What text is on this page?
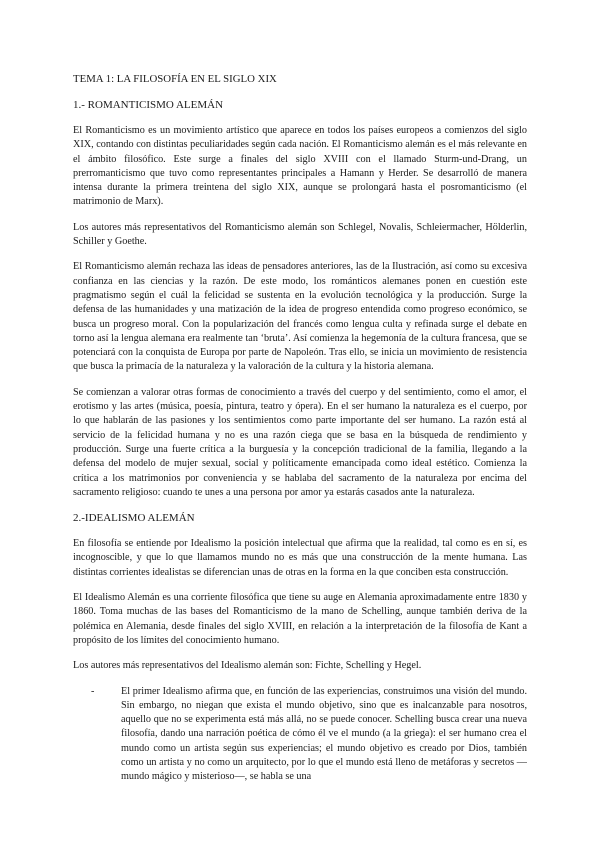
TEMA 1: LA FILOSOFÍA EN EL SIGLO XIX
1.- ROMANTICISMO ALEMÁN

El Romanticismo es un movimiento artístico que aparece en todos los países europeos a comienzos del siglo XIX, contando con distintas peculiaridades según cada nación. El Romanticismo alemán es el más relevante en el ámbito filosófico. Este surge a finales del siglo XVIII con el llamado Sturm-und-Drang, un prerromanticismo que tuvo como representantes principales a Hamann y Herder. Se desarrolló de manera intensa durante la primera treintena del siglo XIX, aunque se prolongará hasta el posromanticismo (el matrimonio de Marx).

Los autores más representativos del Romanticismo alemán son Schlegel, Novalis, Schleiermacher, Hölderlin, Schiller y Goethe.

El Romanticismo alemán rechaza las ideas de pensadores anteriores, las de la Ilustración, así como su excesiva confianza en las ciencias y la razón. De este modo, los románticos alemanes ponen en cuestión este pragmatismo según el cuál la felicidad se sustenta en la evolución tecnológica y la producción. Surge la defensa de las humanidades y una matización de la idea de progreso entendida como progreso económico, se busca un progreso moral. Con la popularización del francés como lengua culta y refinada surge el debate en torno así la lengua alemana era realmente tan ‘bruta’. Así comienza la hegemonía de la cultura francesa, que se potenciará con la conquista de Europa por parte de Napoleón. Tras ello, se inicia un movimiento de resistencia que busca la primacía de la naturaleza y la valoración de la cultura y la historia alemana.

Se comienzan a valorar otras formas de conocimiento a través del cuerpo y del sentimiento, como el amor, el erotismo y las artes (música, poesía, pintura, teatro y ópera). En el ser humano la naturaleza es el cuerpo, por lo que hablarán de las pasiones y los sentimientos como parte importante del ser humano. La razón está al servicio de la felicidad humana y no es una razón ciega que se basa en la búsqueda de rendimiento y producción. Surge una fuerte crítica a la burguesía y la concepción tradicional de la familia, llegando a la defensa del modelo de mujer sexual, social y políticamente emancipada como ideal estético. Comienza la crítica a los matrimonios por conveniencia y se hablaba del sacramento de la naturaleza por encima del sacramento religioso: cuando te unes a una persona por amor ya estarás casados ante la naturaleza.

2.-IDEALISMO ALEMÁN

En filosofía se entiende por Idealismo la posición intelectual que afirma que la realidad, tal como es en sí, es incognoscible, y que lo que llamamos mundo no es más que una construcción de la mente humana. Las distintas corrientes idealistas se diferencian unas de otras en la forma en la que conciben esta construcción.

El Idealismo Alemán es una corriente filosófica que tiene su auge en Alemania aproximadamente entre 1830 y 1860. Toma muchas de las bases del Romanticismo de la mano de Schelling, aunque también deriva de la polémica en Alemania, desde finales del siglo XVIII, en relación a la interpretación de la filosofía de Kant a propósito de los límites del conocimiento humano.

Los autores más representativos del Idealismo alemán son: Fichte, Schelling y Hegel.

-	El primer Idealismo afirma que, en función de las experiencias, construimos una visión del mundo. Sin embargo, no niegan que exista el mundo objetivo, sino que es inalcanzable para nosotros, aquello que no se experimenta está más allá, no se puede conocer. Schelling busca crear una nueva filosofía, dando una narración poética de cómo él ve el mundo (a la griega): el ser humano crea el mundo como un artista según sus experiencias; el mundo objetivo es creado por Dios, también como un artista y no como un arquitecto, por lo que el mundo está lleno de metáforas y secretos —mundo mágico y misterioso—, se habla se una
